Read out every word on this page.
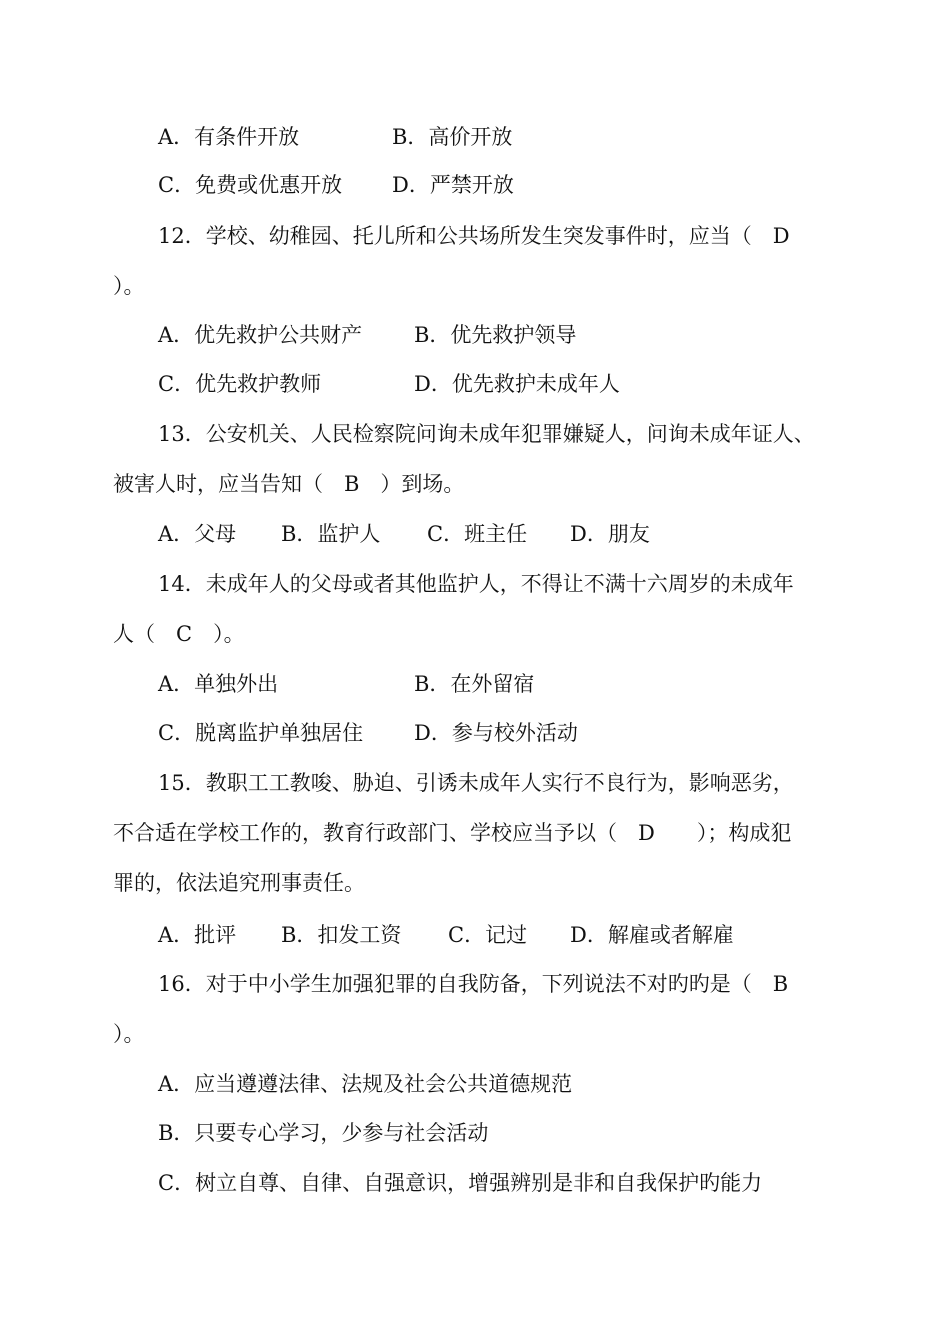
A．有条件开放	B．高价开放
C．免费或优惠开放 D．严禁开放
12．学校、幼稚园、托儿所和公共场所发生突发事件时，应当（　D
）。
A．优先救护公共财产 B．优先救护领导
C．优先救护教师	D．优先救护未成年人
13．公安机关、人民检察院问询未成年犯罪嫌疑人，问询未成年证人、
被害人时，应当告知（　B　）到场。
A．父母 B．监护人 C．班主任 D．朋友
14．未成年人的父母或者其他监护人，不得让不满十六周岁的未成年
人（　C　）。
A．单独外出	B．在外留宿
C．脱离监护单独居住 D．参与校外活动
15．教职工工教唆、胁迫、引诱未成年人实行不良行为，影响恶劣，
不合适在学校工作的，教育行政部门、学校应当予以（　D　　）；构成犯
罪的，依法追究刑事责任。
A．批评 B．扣发工资 C．记过 D．解雇或者解雇
16．对于中小学生加强犯罪的自我防备，下列说法不对旳旳是（　B
）。
A．应当遵遵法律、法规及社会公共道德规范
B．只要专心学习，少参与社会活动
C．树立自尊、自律、自强意识，增强辨别是非和自我保护旳能力
